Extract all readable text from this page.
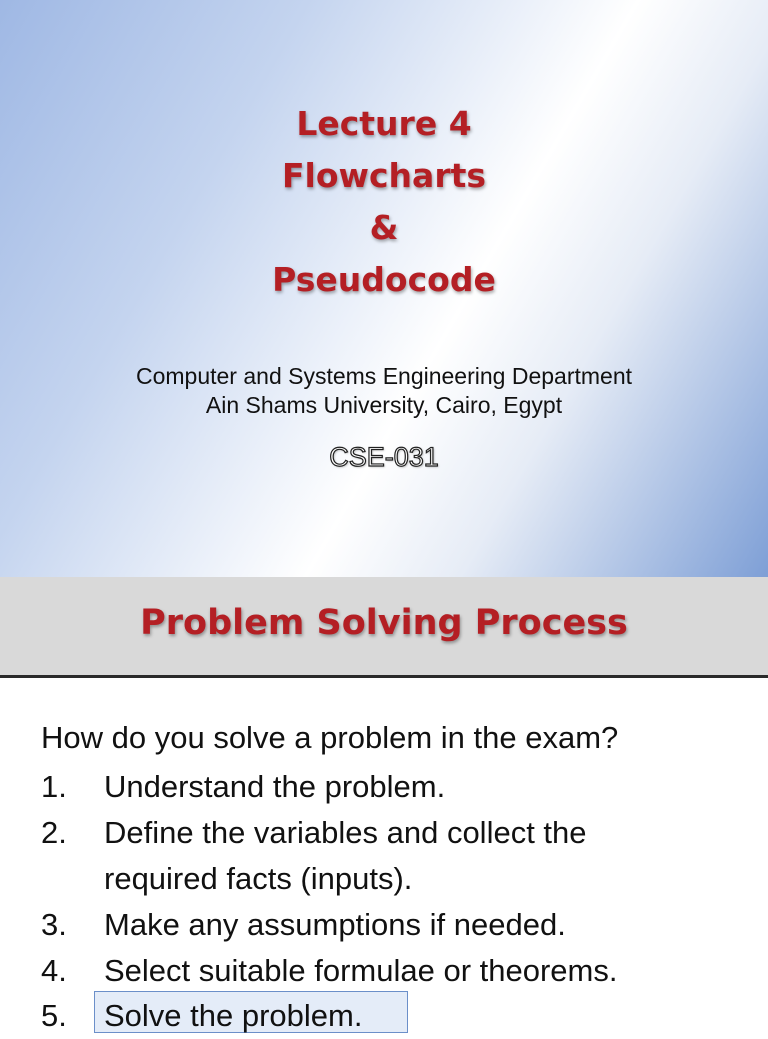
Lecture 4
Flowcharts
&
Pseudocode
Computer and Systems Engineering Department
Ain Shams University, Cairo, Egypt
CSE-031
Problem Solving Process
How do you solve a problem in the exam?
1. Understand the problem.
2. Define the variables and collect the required facts (inputs).
3. Make any assumptions if needed.
4. Select suitable formulae or theorems.
5. Solve the problem.
